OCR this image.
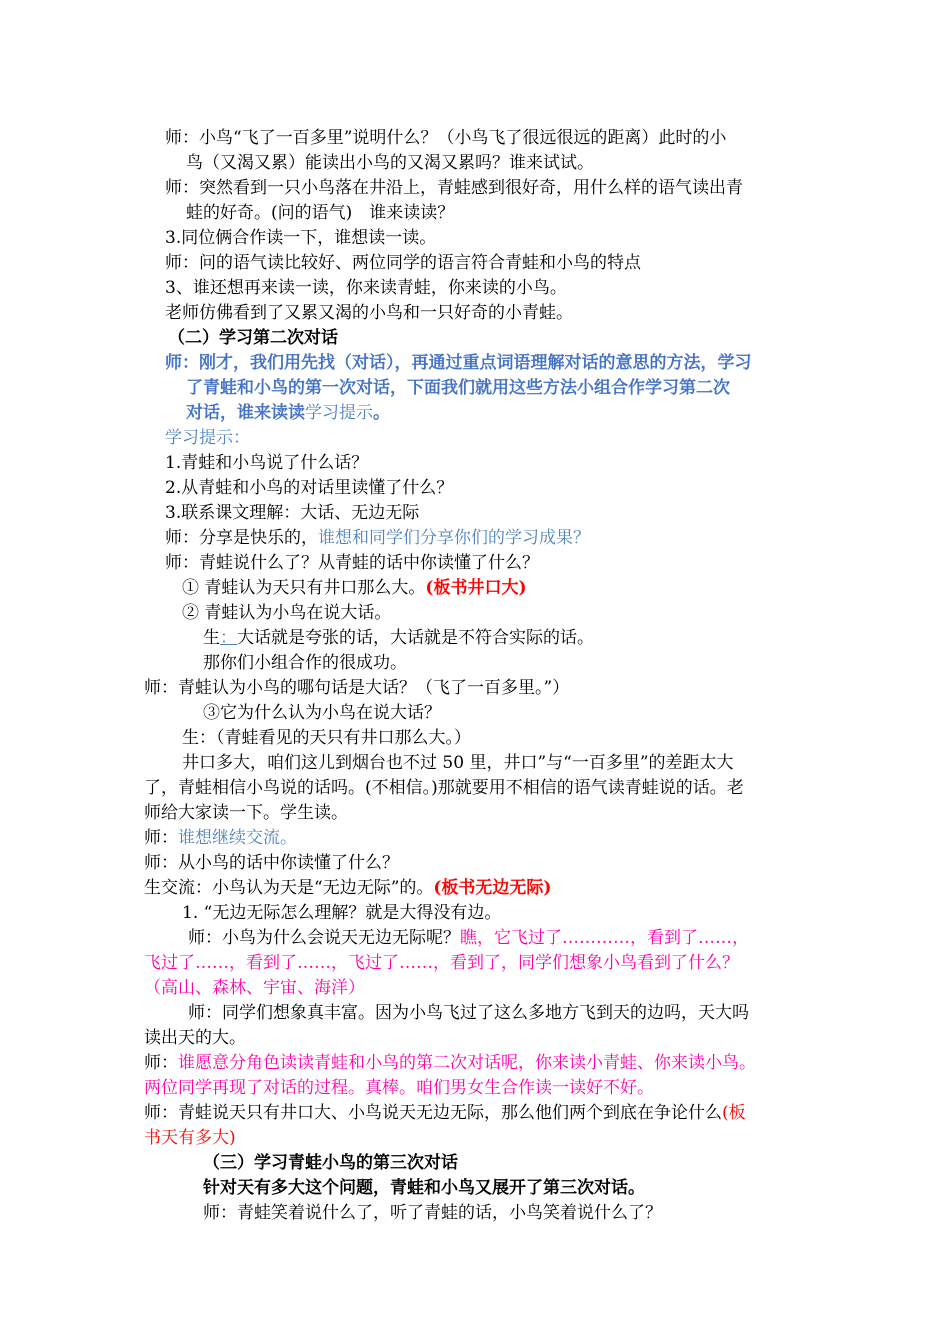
师：小鸟“飞了一百多里”说明什么？（小鸟飞了很远很远的距离）此时的小
鸟（又渴又累）能读出小鸟的又渴又累吗？谁来试试。
师：突然看到一只小鸟落在井沿上，青蛙感到很好奇，用什么样的语气读出青
蛙的好奇。(问的语气)　谁来读读？
3.同位俩合作读一下，谁想读一读。
师：问的语气读比较好、两位同学的语言符合青蛙和小鸟的特点
3、谁还想再来读一读，你来读青蛙，你来读的小鸟。
老师仿佛看到了又累又渴的小鸟和一只好奇的小青蛙。
（二）学习第二次对话
师：刚才，我们用先找（对话），再通过重点词语理解对话的意思的方法，学习
了青蛙和小鸟的第一次对话，下面我们就用这些方法小组合作学习第二次
对话，谁来读读学习提示。
学习提示：
1.青蛙和小鸟说了什么话？
2.从青蛙和小鸟的对话里读懂了什么？
3.联系课文理解：大话、无边无际
师：分享是快乐的，谁想和同学们分享你们的学习成果？
师：青蛙说什么了？从青蛙的话中你读懂了什么？
① 青蛙认为天只有井口那么大。(板书井口大)
② 青蛙认为小鸟在说大话。
生：大话就是夸张的话，大话就是不符合实际的话。
那你们小组合作的很成功。
师：青蛙认为小鸟的哪句话是大话？（飞了一百多里。”）
③它为什么认为小鸟在说大话？
生：（青蛙看见的天只有井口那么大。）
井口多大，咱们这儿到烟台也不过 50 里，井口”与“一百多里”的差距太大
了，青蛙相信小鸟说的话吗。(不相信。)那就要用不相信的语气读青蛙说的话。老
师给大家读一下。学生读。
师：谁想继续交流。
师：从小鸟的话中你读懂了什么？
生交流：小鸟认为天是“无边无际”的。(板书无边无际)
1. “无边无际怎么理解？就是大得没有边。
师：小鸟为什么会说天无边无际呢？瞧，它飞过了…………，看到了……，
飞过了……，看到了……，飞过了……，看到了，同学们想象小鸟看到了什么？
（高山、森林、宇宙、海洋）
师：同学们想象真丰富。因为小鸟飞过了这么多地方飞到天的边吗，天大吗
读出天的大。
师：谁愿意分角色读读青蛙和小鸟的第二次对话呢，你来读小青蛙、你来读小鸟。
两位同学再现了对话的过程。真棒。咱们男女生合作读一读好不好。
师：青蛙说天只有井口大、小鸟说天无边无际，那么他们两个到底在争论什么(板
书天有多大)
（三）学习青蛙小鸟的第三次对话
针对天有多大这个问题，青蛙和小鸟又展开了第三次对话。
师：青蛙笑着说什么了，听了青蛙的话，小鸟笑着说什么了？
